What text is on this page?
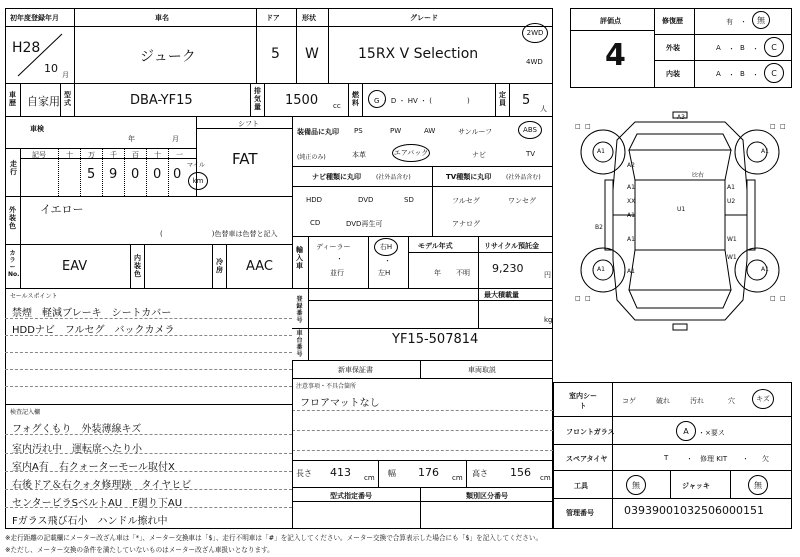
初年度登録年月	車名	ドア	形状	グレード
H28
10 月
ジューク	5 W	15RX V Selection
2WD
4WD
車歴 自家用 型式	DBA-YF15
排気量 1500 cc
燃料 G ・ D ・ HV ・ (　　　　　)
定員 5
人
車検
年	月
シフト
FAT
走行
記号	十 万 千 百 十 一
5 9 0 0 0
マイル
km
装備品に丸印
(純正のみ)
PS	PW	AW	サンルーフ	ABS
本革	エアバック	ナビ	TV
ナビ種類に丸印	(社外品含む)
HDD	DVD	SD
CD	DVD再生可
TV種類に丸印 (社外品含む)
フルセグ	ワンセグ
アナログ
外装色
イエロー
(　　　　　　　)色替車は色替と記入
輸入車
ディーラー
・
並行
右H
・
左H
モデル年式
年 不明
リサイクル預託金
9,230	円
カラーNo.
EAV
内装色
冷房 AAC
登録番号
最大積載量
kg
車台番号
YF15-507814
新車保証書	車両取説
注意事項・不具合箇所
フロアマットなし
セールスポイント
禁煙　軽減ブレーキ　シートカバー
HDDナビ　フルセグ　バックカメラ
検査記入欄
フォグくもり　外装薄線キズ
室内汚れ中　運転席へたり小
室内A有　右クォーターモール取付X
右後ドア＆右クォタ修理跡　タイヤヒビ
センタービラSベルトAU　F廻り下AU
Fガラス飛び石小　ハンドル擦れ中
長さ 413 cm 幅 176 cm 高さ 156 cm
型式指定番号	類別区分番号
評価点
4
修復歴	有 ・	無
外装	A ・ B ・	C
内装	A ・ B ・	C
□ □	□ □
□ □	□ □
A3
A1
A2
A1
A1
XX
A1
U2
A1
U1
A1
B2
W1
A1
W1
A1
A1
ﾋﾋ右
室内シート
コゲ	破れ	汚れ	穴	キズ
フロントガラス	A	・×要ス
スペアタイヤ	T	・ 修理 KIT ・ 欠
工具	無	ジャッキ	無
管理番号	03939001032506000151
※走行距離の記載欄にメーター改ざん車は「*」、メーター交換車は「$」、走行不明車は「#」を記入してください。メーター交換で合算表示した場合にも「$」を記入してください。
※ただし、メーター交換の条件を満たしていないものはメーター改ざん車扱いとなります。
